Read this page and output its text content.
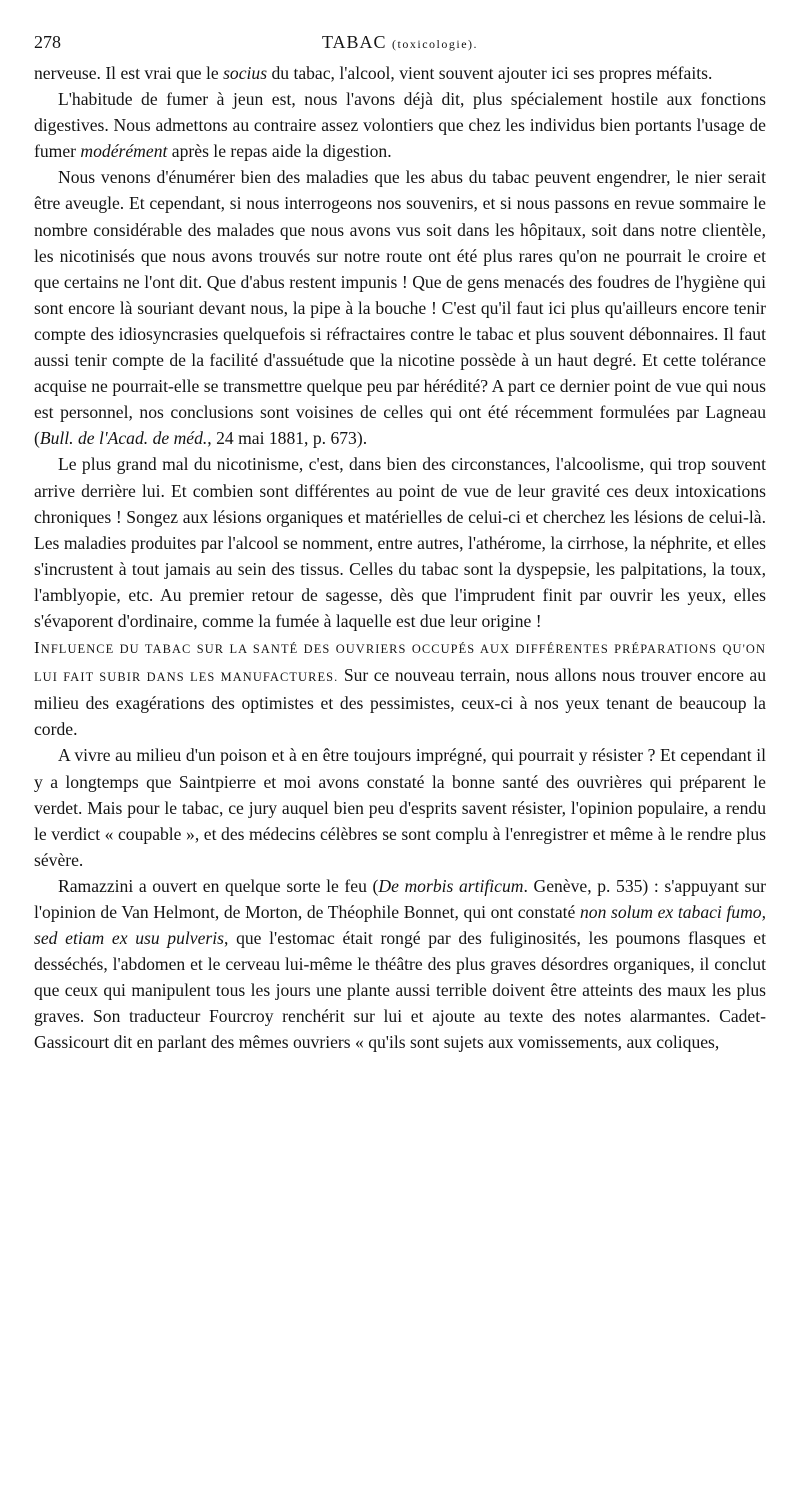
278	TABAC (toxicologie).

nerveuse. Il est vrai que le socius du tabac, l'alcool, vient souvent ajouter ici ses propres méfaits.

L'habitude de fumer à jeun est, nous l'avons déjà dit, plus spécialement hostile aux fonctions digestives. Nous admettons au contraire assez volontiers que chez les individus bien portants l'usage de fumer modérément après le repas aide la digestion.

Nous venons d'énumérer bien des maladies que les abus du tabac peuvent engendrer, le nier serait être aveugle. Et cependant, si nous interrogeons nos souvenirs, et si nous passons en revue sommaire le nombre considérable des malades que nous avons vus soit dans les hôpitaux, soit dans notre clientèle, les nicotinisés que nous avons trouvés sur notre route ont été plus rares qu'on ne pourrait le croire et que certains ne l'ont dit. Que d'abus restent impunis ! Que de gens menacés des foudres de l'hygiène qui sont encore là souriant devant nous, la pipe à la bouche ! C'est qu'il faut ici plus qu'ailleurs encore tenir compte des idiosyncrasies quelquefois si réfractaires contre le tabac et plus souvent débonnaires. Il faut aussi tenir compte de la facilité d'assuétude que la nicotine possède à un haut degré. Et cette tolérance acquise ne pourrait-elle se transmettre quelque peu par hérédité? A part ce dernier point de vue qui nous est personnel, nos conclusions sont voisines de celles qui ont été récemment formulées par Lagneau (Bull. de l'Acad. de méd., 24 mai 1881, p. 673).

Le plus grand mal du nicotinisme, c'est, dans bien des circonstances, l'alcoolisme, qui trop souvent arrive derrière lui. Et combien sont différentes au point de vue de leur gravité ces deux intoxications chroniques ! Songez aux lésions organiques et matérielles de celui-ci et cherchez les lésions de celui-là. Les maladies produites par l'alcool se nomment, entre autres, l'athérome, la cirrhose, la néphrite, et elles s'incrustent à tout jamais au sein des tissus. Celles du tabac sont la dyspepsie, les palpitations, la toux, l'amblyopie, etc. Au premier retour de sagesse, dès que l'imprudent finit par ouvrir les yeux, elles s'évaporent d'ordinaire, comme la fumée à laquelle est due leur origine !

INFLUENCE DU TABAC SUR LA SANTÉ DES OUVRIERS OCCUPÉS AUX DIFFÉRENTES PRÉPARATIONS QU'ON LUI FAIT SUBIR DANS LES MANUFACTURES. Sur ce nouveau terrain, nous allons nous trouver encore au milieu des exagérations des optimistes et des pessimistes, ceux-ci à nos yeux tenant de beaucoup la corde.

A vivre au milieu d'un poison et à en être toujours imprégné, qui pourrait y résister ? Et cependant il y a longtemps que Saintpierre et moi avons constaté la bonne santé des ouvrières qui préparent le verdet. Mais pour le tabac, ce jury auquel bien peu d'esprits savent résister, l'opinion populaire, a rendu le verdict « coupable », et des médecins célèbres se sont complu à l'enregistrer et même à le rendre plus sévère.

Ramazzini a ouvert en quelque sorte le feu (De morbis artificum. Genève, p. 535) : s'appuyant sur l'opinion de Van Helmont, de Morton, de Théophile Bonnet, qui ont constaté non solum ex tabaci fumo, sed etiam ex usu pulveris, que l'estomac était rongé par des fuliginosités, les poumons flasques et desséchés, l'abdomen et le cerveau lui-même le théâtre des plus graves désordres organiques, il conclut que ceux qui manipulent tous les jours une plante aussi terrible doivent être atteints des maux les plus graves. Son traducteur Fourcroy renchérit sur lui et ajoute au texte des notes alarmantes. Cadet-Gassicourt dit en parlant des mêmes ouvriers « qu'ils sont sujets aux vomissements, aux coliques,
